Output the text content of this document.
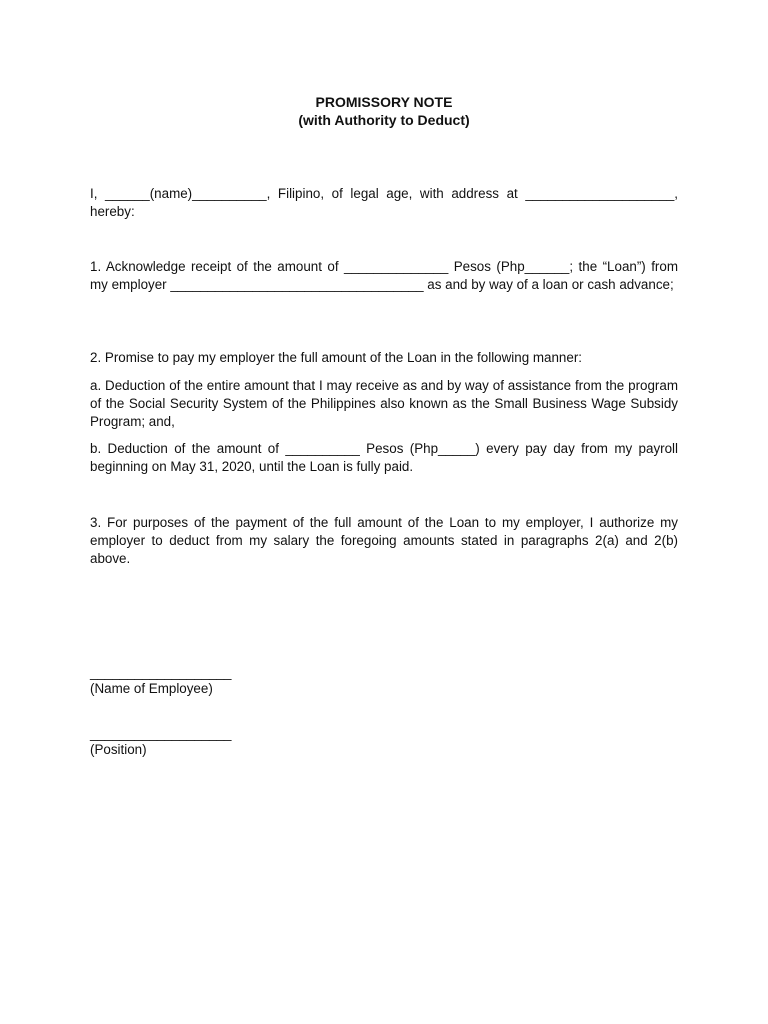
PROMISSORY NOTE
(with Authority to Deduct)

I, ______(name)__________, Filipino, of legal age, with address at ____________________, hereby:

1. Acknowledge receipt of the amount of ______________ Pesos (Php______; the “Loan”) from my employer __________________________________ as and by way of a loan or cash advance;

2. Promise to pay my employer the full amount of the Loan in the following manner:

a. Deduction of the entire amount that I may receive as and by way of assistance from the program of the Social Security System of the Philippines also known as the Small Business Wage Subsidy Program; and,

b. Deduction of the amount of __________ Pesos (Php_____) every pay day from my payroll beginning on May 31, 2020, until the Loan is fully paid.

3. For purposes of the payment of the full amount of the Loan to my employer, I authorize my employer to deduct from my salary the foregoing amounts stated in paragraphs 2(a) and 2(b) above.

___________________
(Name of Employee)
___________________
(Position)
